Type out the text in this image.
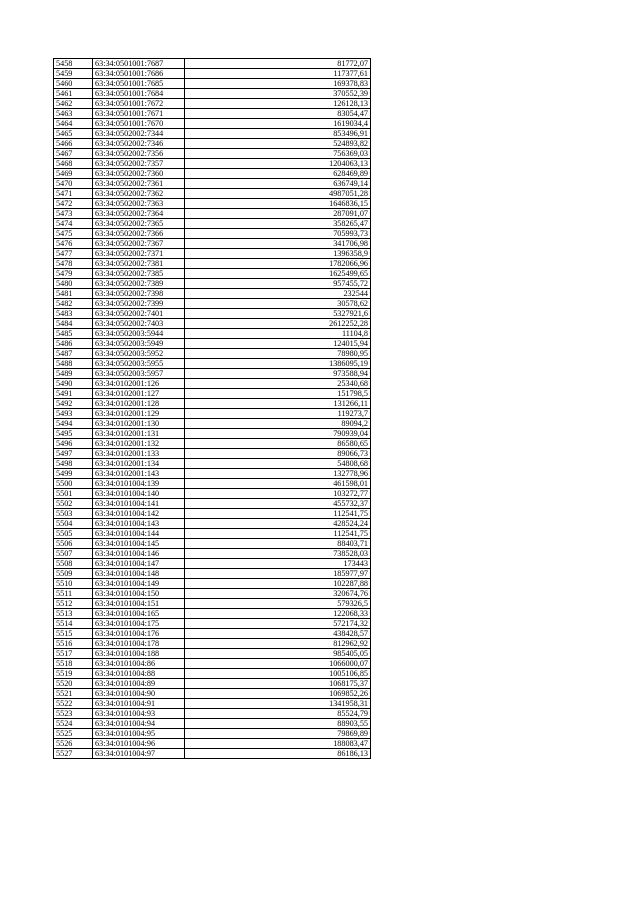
5458	63:34:0501001:7687	81772,07
5459	63:34:0501001:7686	117377,61
5460	63:34:0501001:7685	169378,83
5461	63:34:0501001:7684	370552,39
5462	63:34:0501001:7672	126128,13
5463	63:34:0501001:7671	83054,47
5464	63:34:0501001:7670	1619034,4
5465	63:34:0502002:7344	853496,91
5466	63:34:0502002:7346	524893,82
5467	63:34:0502002:7356	756369,03
5468	63:34:0502002:7357	1204063,13
5469	63:34:0502002:7360	628469,89
5470	63:34:0502002:7361	636749,14
5471	63:34:0502002:7362	4987051,28
5472	63:34:0502002:7363	1646836,15
5473	63:34:0502002:7364	287091,07
5474	63:34:0502002:7365	358265,47
5475	63:34:0502002:7366	705993,73
5476	63:34:0502002:7367	341706,98
5477	63:34:0502002:7371	1396358,9
5478	63:34:0502002:7381	1782066,96
5479	63:34:0502002:7385	1625499,65
5480	63:34:0502002:7389	957455,72
5481	63:34:0502002:7398	232544
5482	63:34:0502002:7399	30578,62
5483	63:34:0502002:7401	5327921,6
5484	63:34:0502002:7403	2612252,28
5485	63:34:0502003:5944	11104,8
5486	63:34:0502003:5949	124015,94
5487	63:34:0502003:5952	78980,95
5488	63:34:0502003:5955	1386095,19
5489	63:34:0502003:5957	973588,94
5490	63:34:0102001:126	25340,68
5491	63:34:0102001:127	151798,5
5492	63:34:0102001:128	131266,11
5493	63:34:0102001:129	119273,7
5494	63:34:0102001:130	89094,2
5495	63:34:0102001:131	790939,04
5496	63:34:0102001:132	86580,65
5497	63:34:0102001:133	89066,73
5498	63:34:0102001:134	54808,68
5499	63:34:0102001:143	132778,96
5500	63:34:0101004:139	461598,01
5501	63:34:0101004:140	103272,77
5502	63:34:0101004:141	455732,37
5503	63:34:0101004:142	112541,75
5504	63:34:0101004:143	428524,24
5505	63:34:0101004:144	112541,75
5506	63:34:0101004:145	88403,71
5507	63:34:0101004:146	738528,03
5508	63:34:0101004:147	173443
5509	63:34:0101004:148	185977,97
5510	63:34:0101004:149	102287,88
5511	63:34:0101004:150	320674,76
5512	63:34:0101004:151	579326,5
5513	63:34:0101004:165	122068,33
5514	63:34:0101004:175	572174,32
5515	63:34:0101004:176	438428,57
5516	63:34:0101004:178	812962,92
5517	63:34:0101004:188	985405,05
5518	63:34:0101004:86	1066000,07
5519	63:34:0101004:88	1005106,85
5520	63:34:0101004:89	1068175,37
5521	63:34:0101004:90	1069852,26
5522	63:34:0101004:91	1341958,31
5523	63:34:0101004:93	85524,79
5524	63:34:0101004:94	88903,55
5525	63:34:0101004:95	79869,89
5526	63:34:0101004:96	188083,47
5527	63:34:0101004:97	86186,13
